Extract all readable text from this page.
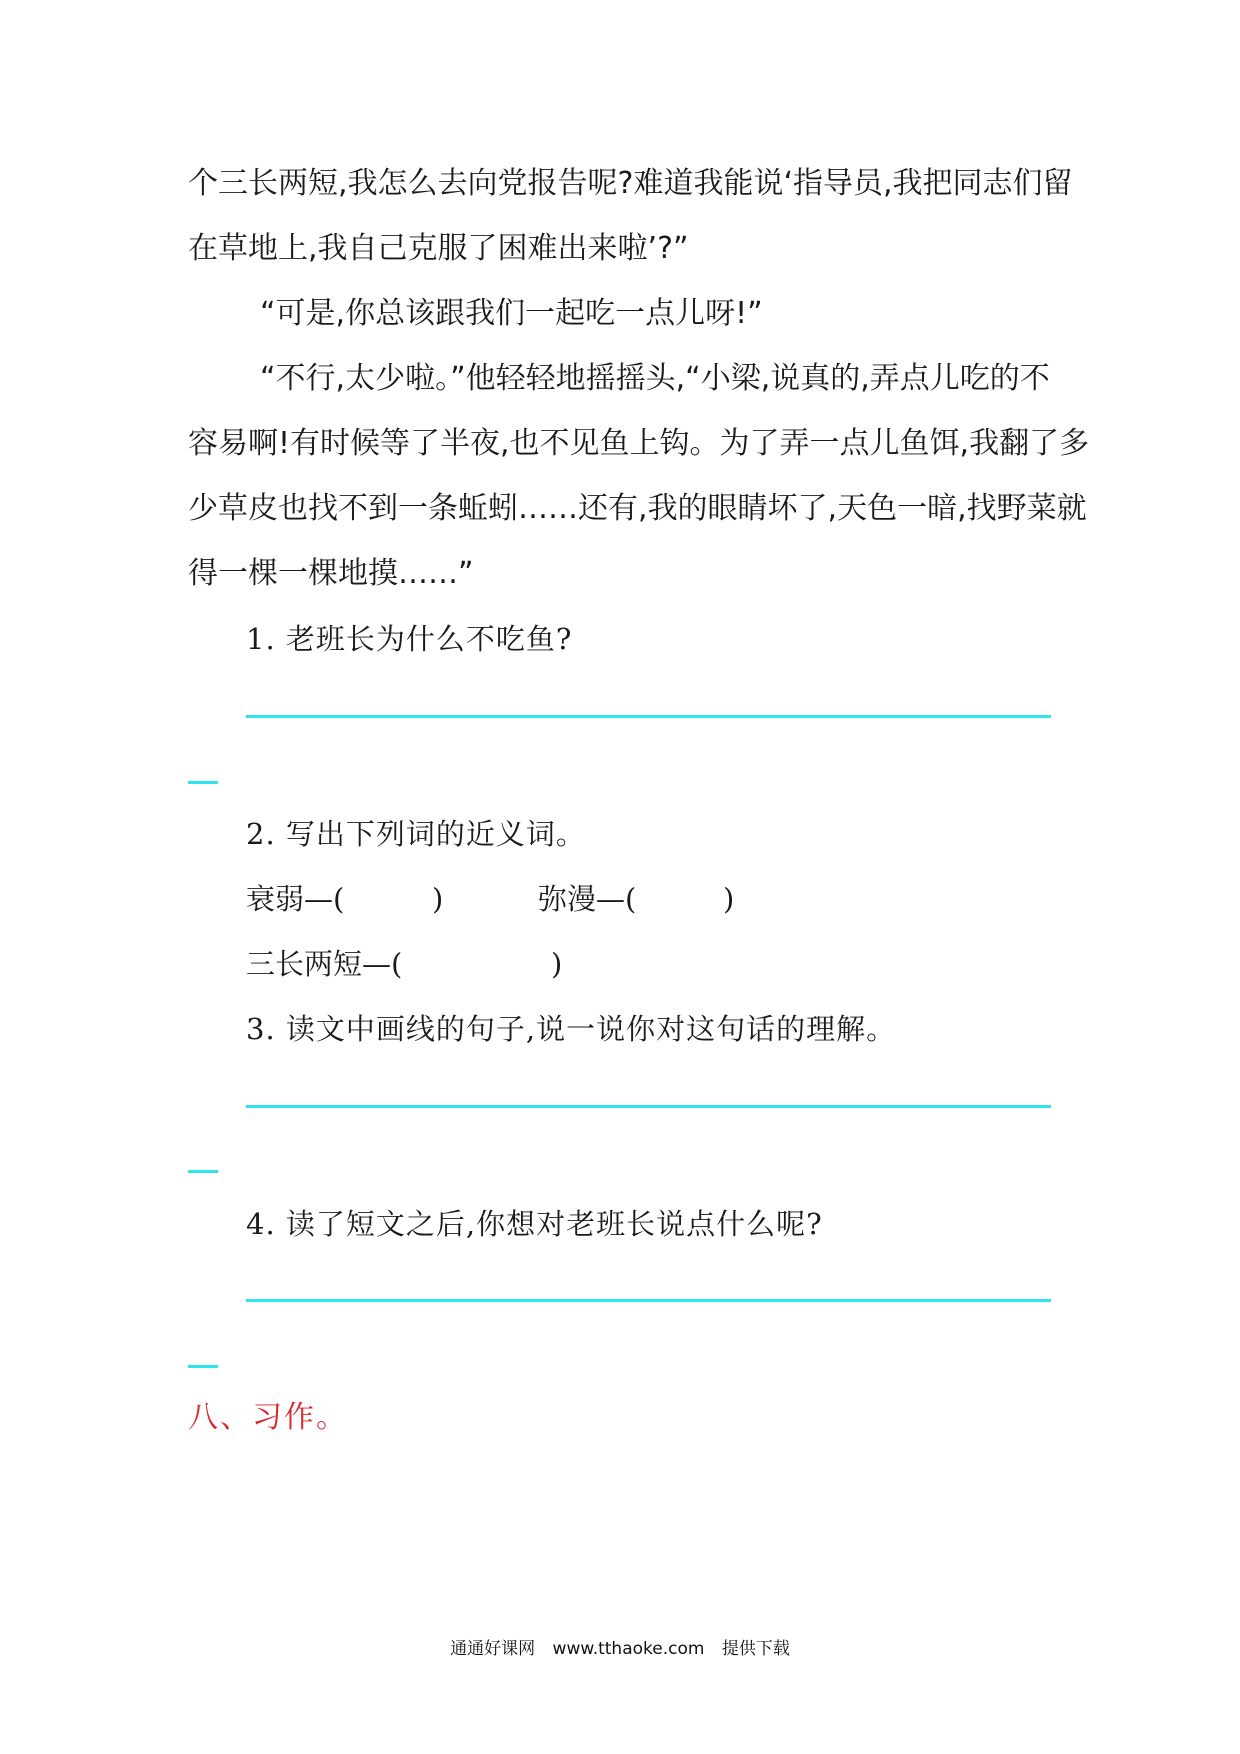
个三长两短,我怎么去向党报告呢?难道我能说‘指导员,我把同志们留
在草地上,我自己克服了困难出来啦’?”
“可是,你总该跟我们一起吃一点儿呀!”
“不行,太少啦。”他轻轻地摇摇头,“小梁,说真的,弄点儿吃的不
容易啊!有时候等了半夜,也不见鱼上钩。为了弄一点儿鱼饵,我翻了多
少草皮也找不到一条蚯蚓……还有,我的眼睛坏了,天色一暗,找野菜就
得一棵一棵地摸……”
1. 老班长为什么不吃鱼?
2. 写出下列词的近义词。
衰弱—(	)	弥漫—(	)
三长两短—(	)
3. 读文中画线的句子,说一说你对这句话的理解。
4. 读了短文之后,你想对老班长说点什么呢?
八、习作。
通通好课网 www.tthaoke.com 提供下载
